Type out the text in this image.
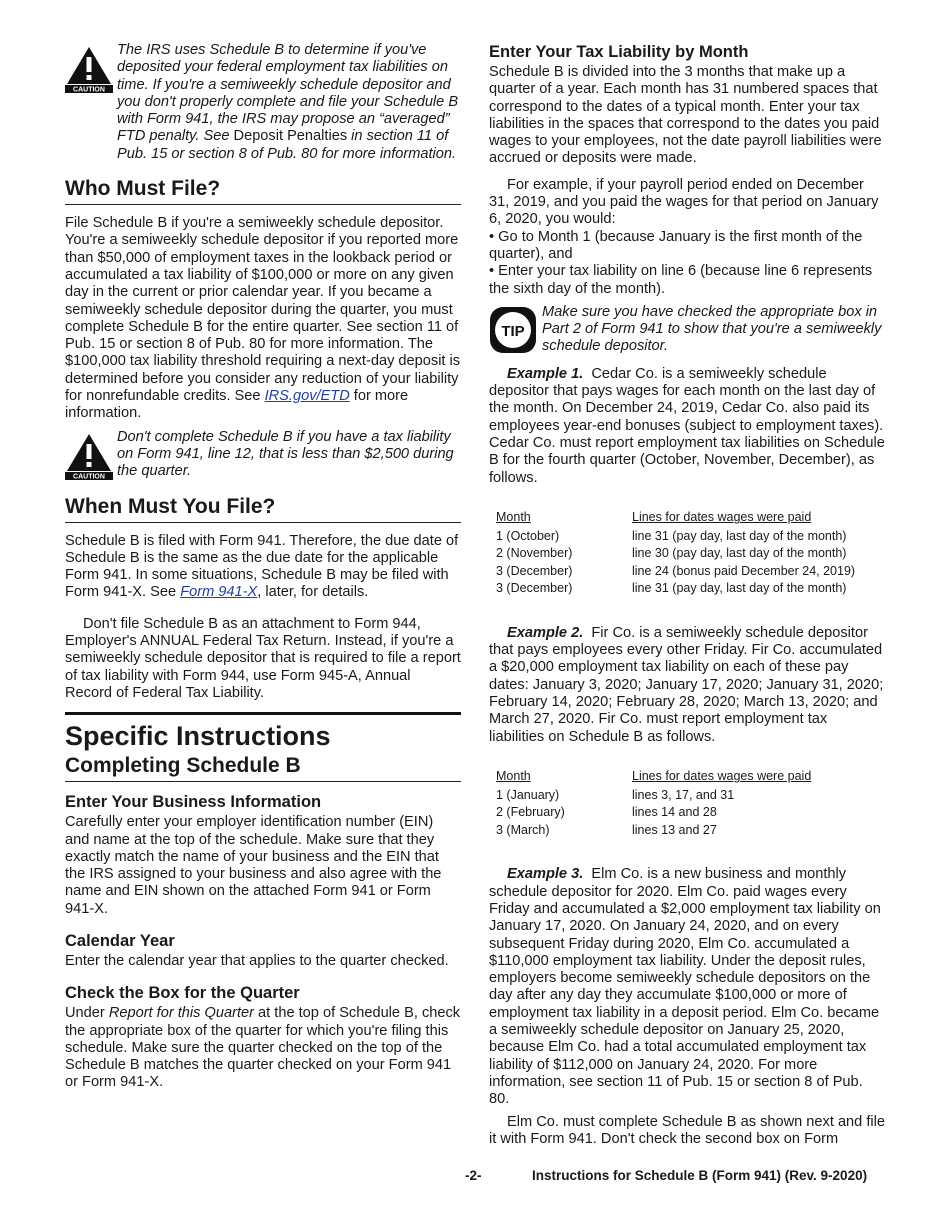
CAUTION

The IRS uses Schedule B to determine if you've deposited your federal employment tax liabilities on time. If you're a semiweekly schedule depositor and you don't properly complete and file your Schedule B with Form 941, the IRS may propose an “averaged” FTD penalty. See Deposit Penalties in section 11 of Pub. 15 or section 8 of Pub. 80 for more information.

Who Must File?

File Schedule B if you're a semiweekly schedule depositor. You're a semiweekly schedule depositor if you reported more than $50,000 of employment taxes in the lookback period or accumulated a tax liability of $100,000 or more on any given day in the current or prior calendar year. If you became a semiweekly schedule depositor during the quarter, you must complete Schedule B for the entire quarter. See section 11 of Pub. 15 or section 8 of Pub. 80 for more information. The $100,000 tax liability threshold requiring a next-day deposit is determined before you consider any reduction of your liability for nonrefundable credits. See IRS.gov/ETD for more information.

CAUTION

Don't complete Schedule B if you have a tax liability on Form 941, line 12, that is less than $2,500 during the quarter.

When Must You File?

Schedule B is filed with Form 941. Therefore, the due date of Schedule B is the same as the due date for the applicable Form 941. In some situations, Schedule B may be filed with Form 941-X. See Form 941-X, later, for details.

Don't file Schedule B as an attachment to Form 944, Employer's ANNUAL Federal Tax Return. Instead, if you're a semiweekly schedule depositor that is required to file a report of tax liability with Form 944, use Form 945-A, Annual Record of Federal Tax Liability.

Specific Instructions
Completing Schedule B
Enter Your Business Information

Carefully enter your employer identification number (EIN) and name at the top of the schedule. Make sure that they exactly match the name of your business and the EIN that the IRS assigned to your business and also agree with the name and EIN shown on the attached Form 941 or Form 941-X.

Calendar Year

Enter the calendar year that applies to the quarter checked.

Check the Box for the Quarter

Under Report for this Quarter at the top of Schedule B, check the appropriate box of the quarter for which you're filing this schedule. Make sure the quarter checked on the top of the Schedule B matches the quarter checked on your Form 941 or Form 941-X.

Enter Your Tax Liability by Month

Schedule B is divided into the 3 months that make up a quarter of a year. Each month has 31 numbered spaces that correspond to the dates of a typical month. Enter your tax liabilities in the spaces that correspond to the dates you paid wages to your employees, not the date payroll liabilities were accrued or deposits were made.

For example, if your payroll period ended on December 31, 2019, and you paid the wages for that period on January 6, 2020, you would:

• Go to Month 1 (because January is the first month of the quarter), and

• Enter your tax liability on line 6 (because line 6 represents the sixth day of the month).

TIP

Make sure you have checked the appropriate box in Part 2 of Form 941 to show that you're a semiweekly schedule depositor.

Example 1. Cedar Co. is a semiweekly schedule depositor that pays wages for each month on the last day of the month. On December 24, 2019, Cedar Co. also paid its employees year-end bonuses (subject to employment taxes). Cedar Co. must report employment tax liabilities on Schedule B for the fourth quarter (October, November, December), as follows.

Month	Lines for dates wages were paid
1 (October)	line 31 (pay day, last day of the month)
2 (November)	line 30 (pay day, last day of the month)
3 (December)	line 24 (bonus paid December 24, 2019)
3 (December)	line 31 (pay day, last day of the month)

Example 2. Fir Co. is a semiweekly schedule depositor that pays employees every other Friday. Fir Co. accumulated a $20,000 employment tax liability on each of these pay dates: January 3, 2020; January 17, 2020; January 31, 2020; February 14, 2020; February 28, 2020; March 13, 2020; and March 27, 2020. Fir Co. must report employment tax liabilities on Schedule B as follows.

Month	Lines for dates wages were paid
1 (January)	lines 3, 17, and 31
2 (February)	lines 14 and 28
3 (March)	lines 13 and 27

Example 3. Elm Co. is a new business and monthly schedule depositor for 2020. Elm Co. paid wages every Friday and accumulated a $2,000 employment tax liability on January 17, 2020. On January 24, 2020, and on every subsequent Friday during 2020, Elm Co. accumulated a $110,000 employment tax liability. Under the deposit rules, employers become semiweekly schedule depositors on the day after any day they accumulate $100,000 or more of employment tax liability in a deposit period. Elm Co. became a semiweekly schedule depositor on January 25, 2020, because Elm Co. had a total accumulated employment tax liability of $112,000 on January 24, 2020. For more information, see section 11 of Pub. 15 or section 8 of Pub. 80.

Elm Co. must complete Schedule B as shown next and file it with Form 941. Don't check the second box on Form

-2-	Instructions for Schedule B (Form 941) (Rev. 9-2020)
